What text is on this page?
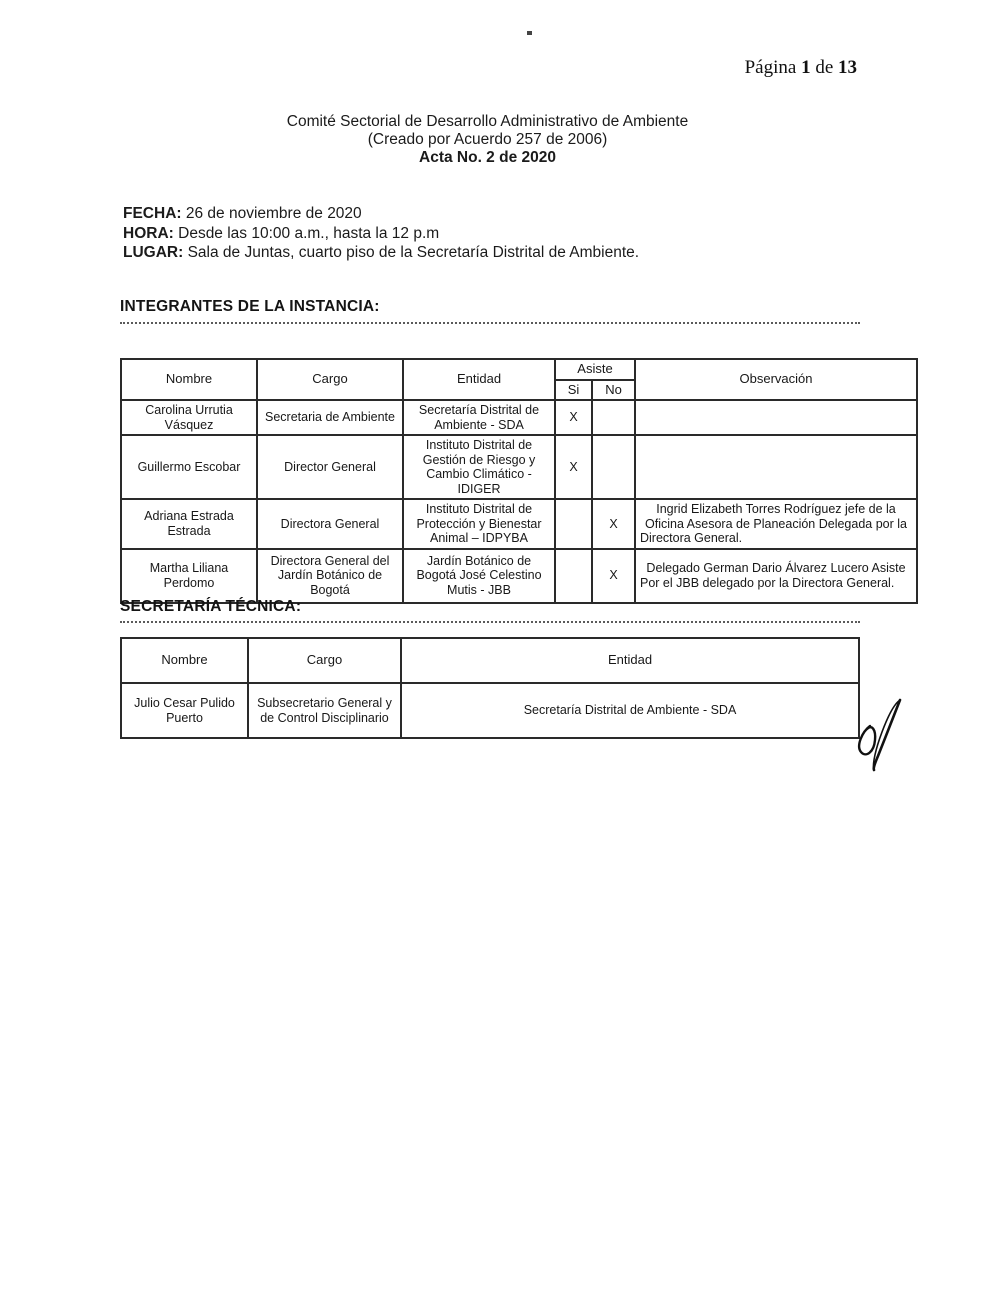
Página 1 de 13
Comité Sectorial de Desarrollo Administrativo de Ambiente
(Creado por Acuerdo 257 de 2006)
Acta No. 2 de 2020
FECHA: 26 de noviembre de 2020
HORA: Desde las 10:00 a.m., hasta la 12 p.m
LUGAR: Sala de Juntas, cuarto piso de la Secretaría Distrital de Ambiente.
INTEGRANTES DE LA INSTANCIA:
Nombre	Cargo	Entidad	Asiste		Observación
			Si	No	
Carolina Urrutia Vásquez	Secretaria de Ambiente	Secretaría Distrital de Ambiente - SDA	X		
Guillermo Escobar	Director General	Instituto Distrital de Gestión de Riesgo y Cambio Climático - IDIGER	X		
Adriana Estrada Estrada	Directora General	Instituto Distrital de Protección y Bienestar Animal – IDPYBA		X	Ingrid Elizabeth Torres Rodríguez jefe de la Oficina Asesora de Planeación Delegada por la Directora General.
Martha Liliana Perdomo	Directora General del Jardín Botánico de Bogotá	Jardín Botánico de Bogotá José Celestino Mutis - JBB		X	Delegado German Dario Álvarez Lucero Asiste Por el JBB delegado por la Directora General.
SECRETARÍA TÉCNICA:
Nombre	Cargo	Entidad
Julio Cesar Pulido Puerto	Subsecretario General y de Control Disciplinario	Secretaría Distrital de Ambiente - SDA
